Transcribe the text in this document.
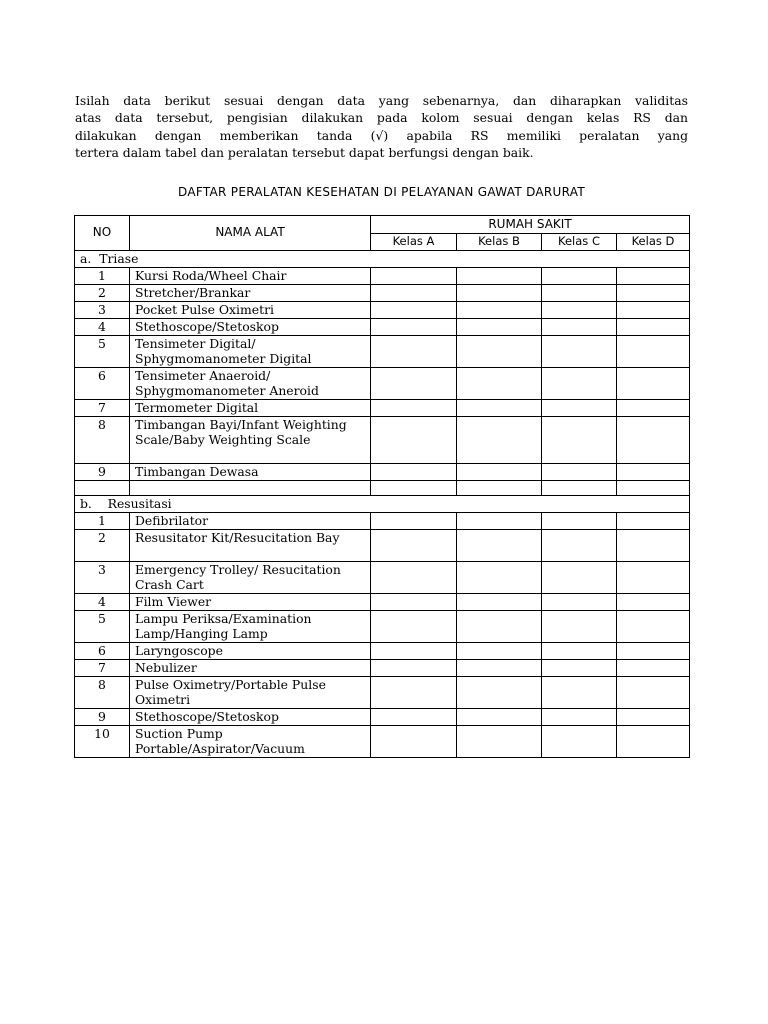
Isilah data berikut sesuai dengan data yang sebenarnya, dan diharapkan validitas

atas data tersebut, pengisian dilakukan pada kolom sesuai dengan kelas RS dan

dilakukan dengan memberikan tanda (√) apabila RS memiliki peralatan yang

tertera dalam tabel dan peralatan tersebut dapat berfungsi dengan baik.

DAFTAR PERALATAN KESEHATAN DI PELAYANAN GAWAT DARURAT
NO	NAMA ALAT	RUMAH SAKIT			
		Kelas A	Kelas B	Kelas C	Kelas D
a.  Triase					
1	Kursi Roda/Wheel Chair				
2	Stretcher/Brankar				
3	Pocket Pulse Oximetri				
4	Stethoscope/Stetoskop				
5	Tensimeter Digital/ Sphygmomanometer Digital				
6	Tensimeter Anaeroid/ Sphygmomanometer Aneroid				
7	Termometer Digital				
8	Timbangan Bayi/Infant Weighting Scale/Baby Weighting Scale				
9	Timbangan Dewasa				

b.    Resusitasi					
1	Defibrilator				
2	Resusitator Kit/Resucitation Bay				
3	Emergency Trolley/ Resucitation Crash Cart				
4	Film Viewer				
5	Lampu Periksa/Examination Lamp/Hanging Lamp				
6	Laryngoscope				
7	Nebulizer				
8	Pulse Oximetry/Portable Pulse Oximetri				
9	Stethoscope/Stetoskop				
10	Suction Pump Portable/Aspirator/Vacuum				
